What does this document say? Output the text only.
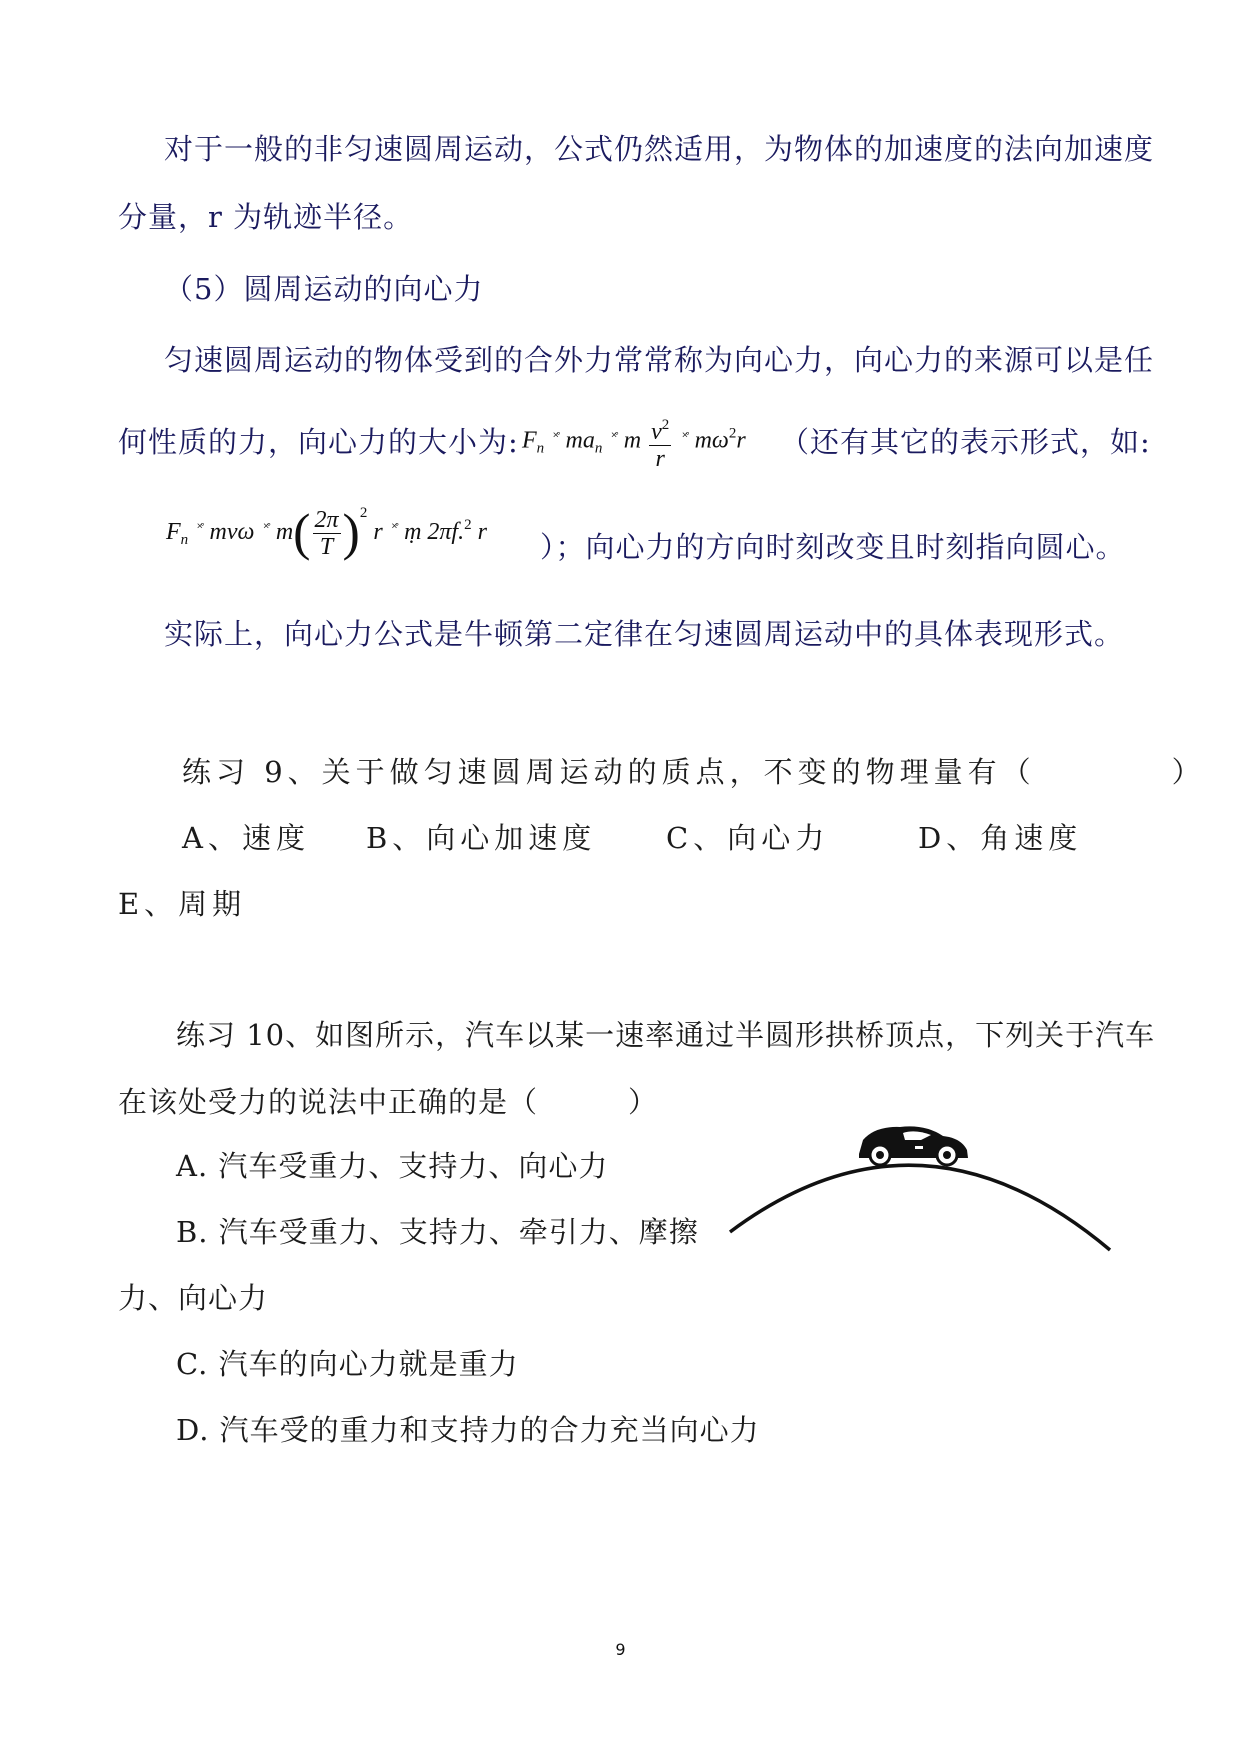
对于一般的非匀速圆周运动，公式仍然适用，为物体的加速度的法向加速度
分量，r 为轨迹半径。
（5）圆周运动的向心力
匀速圆周运动的物体受到的合外力常常称为向心力，向心力的来源可以是任
何性质的力，向心力的大小为: $F_n$ ˟̊ $ma_n$ ˟̊ m $\frac{v^2}{r} ^{˟̊}$ $m\omega^2r$ （还有其它的表示形式，如:
$F_n$ ˟̊ mvω ˟̊ $m( \frac{2\pi}{T} )^2$ r ˟̊ ṃ 2πf.$^2$ r ）；向心力的方向时刻改变且时刻指向圆心。
实际上，向心力公式是牛顿第二定律在匀速圆周运动中的具体表现形式。
练习 9、关于做匀速圆周运动的质点，不变的物理量有（　　　　）
A、速度 B、向心加速度 C、向心力	D、角速度
E、周期
练习 10、如图所示，汽车以某一速率通过半圆形拱桥顶点，下列关于汽车
在该处受力的说法中正确的是（　　　）
A. 汽车受重力、支持力、向心力
B. 汽车受重力、支持力、牵引力、摩擦
力、向心力
C. 汽车的向心力就是重力
D. 汽车受的重力和支持力的合力充当向心力
9
